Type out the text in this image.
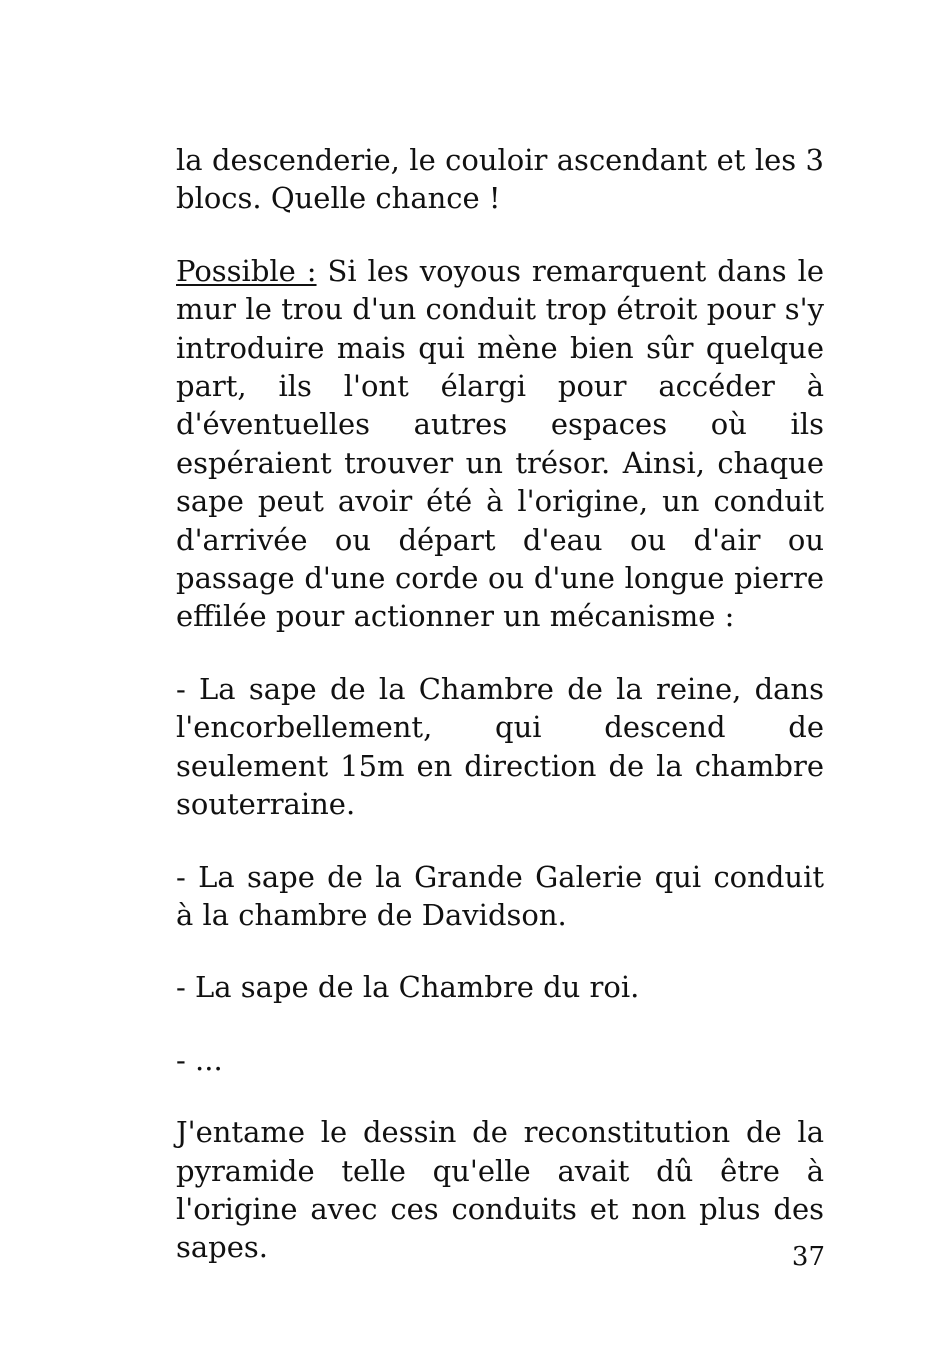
la descenderie, le couloir ascendant et les 3 blocs. Quelle chance !

Possible : Si les voyous remarquent dans le mur le trou d'un conduit trop étroit pour s'y introduire mais qui mène bien sûr quelque part, ils l'ont élargi pour accéder à d'éventuelles autres espaces où ils espéraient trouver un trésor. Ainsi, chaque sape peut avoir été à l'origine, un conduit d'arrivée ou départ d'eau ou d'air ou passage d'une corde ou d'une longue pierre effilée pour actionner un mécanisme :

- La sape de la Chambre de la reine, dans l'encorbellement, qui descend de seulement 15m en direction de la chambre souterraine.

- La sape de la Grande Galerie qui conduit à la chambre de Davidson.

- La sape de la Chambre du roi.

- ...

J'entame le dessin de reconstitution de la pyramide telle qu'elle avait dû être à l'origine avec ces conduits et non plus des sapes.	37
